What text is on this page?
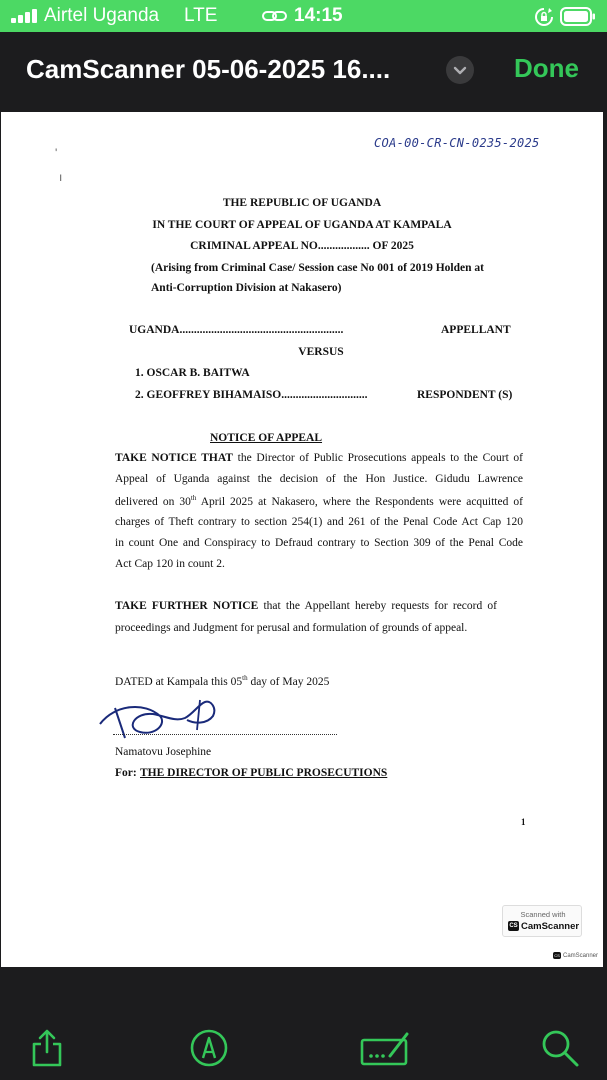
Airtel Uganda LTE	14:15
CamScanner 05-06-2025 16....	Done
'
ı
COA-00-CR-CN-0235-2025
THE REPUBLIC OF UGANDA
IN THE COURT OF APPEAL OF UGANDA AT KAMPALA
CRIMINAL APPEAL NO.................. OF 2025
(Arising from Criminal Case/ Session case No 001 of 2019 Holden at
Anti-Corruption Division at Nakasero)
UGANDA.........................................................	APPELLANT
VERSUS
1. OSCAR B. BAITWA
2. GEOFFREY BIHAMAISO..............................	RESPONDENT (S)
NOTICE OF APPEAL
TAKE NOTICE THAT the Director of Public Prosecutions appeals to the Court of
Appeal of Uganda against the decision of the Hon Justice. Gidudu Lawrence
delivered on 30th April 2025 at Nakasero, where the Respondents were acquitted of
charges of Theft contrary to section 254(1) and 261 of the Penal Code Act Cap 120
in count One and Conspiracy to Defraud contrary to Section 309 of the Penal Code
Act Cap 120 in count 2.
TAKE FURTHER NOTICE that the Appellant hereby requests for record of
proceedings and Judgment for perusal and formulation of grounds of appeal.
DATED at Kampala this 05th day of May 2025
Namatovu Josephine
For: THE DIRECTOR OF PUBLIC PROSECUTIONS
1
Scanned with
CS CamScanner
CS CamScanner
